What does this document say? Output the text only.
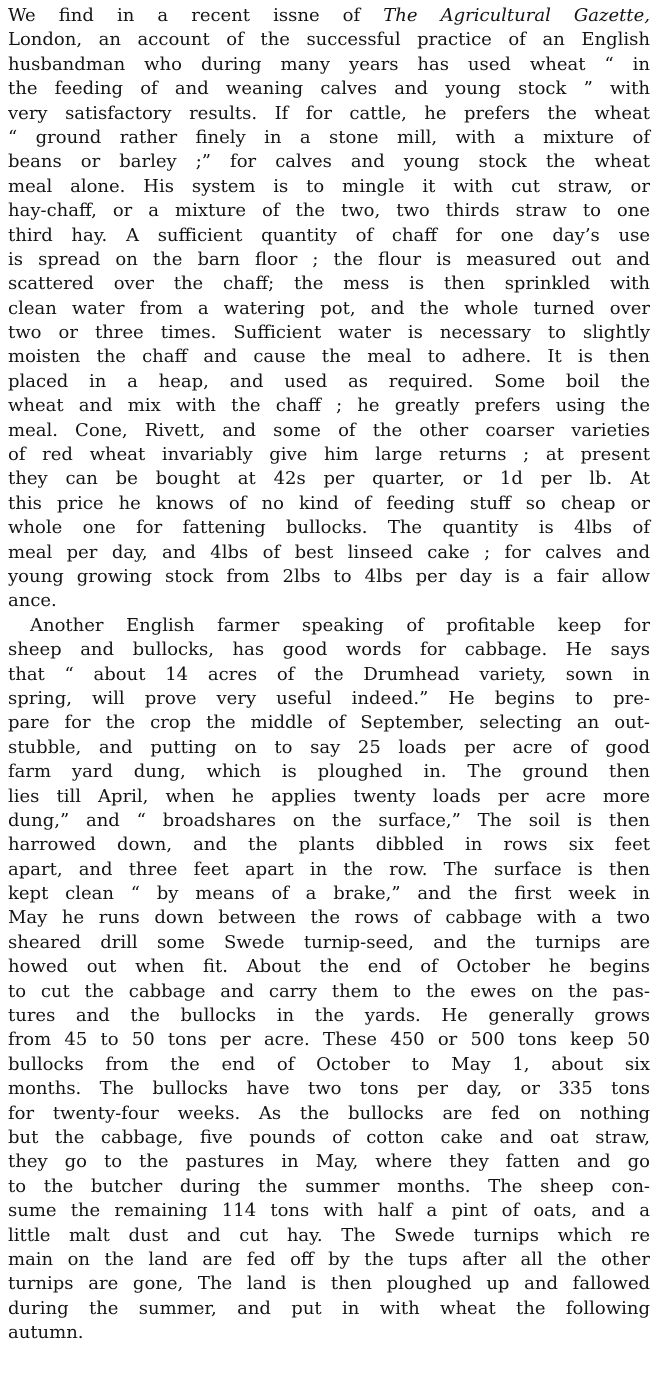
We find in a recent issne of The Agricultural Gazette,
London, an account of the successful practice of an English
husbandman who during many years has used wheat “ in
the feeding of and weaning calves and young stock ” with
very satisfactory results. If for cattle, he prefers the wheat
“ ground rather finely in a stone mill, with a mixture of
beans or barley ;” for calves and young stock the wheat
meal alone. His system is to mingle it with cut straw, or
hay-chaff, or a mixture of the two, two thirds straw to one
third hay. A sufficient quantity of chaff for one day’s use
is spread on the barn floor ; the flour is measured out and
scattered over the chaff; the mess is then sprinkled with
clean water from a watering pot, and the whole turned over
two or three times. Sufficient water is necessary to slightly
moisten the chaff and cause the meal to adhere. It is then
placed in a heap, and used as required. Some boil the
wheat and mix with the chaff ; he greatly prefers using the
meal. Cone, Rivett, and some of the other coarser varieties
of red wheat invariably give him large returns ; at present
they can be bought at 42s per quarter, or 1d per lb. At
this price he knows of no kind of feeding stuff so cheap or
whole one for fattening bullocks. The quantity is 4lbs of
meal per day, and 4lbs of best linseed cake ; for calves and
young growing stock from 2lbs to 4lbs per day is a fair allow
ance.
Another English farmer speaking of profitable keep for
sheep and bullocks, has good words for cabbage. He says
that “ about 14 acres of the Drumhead variety, sown in
spring, will prove very useful indeed.” He begins to pre-
pare for the crop the middle of September, selecting an out-
stubble, and putting on to say 25 loads per acre of good
farm yard dung, which is ploughed in. The ground then
lies till April, when he applies twenty loads per acre more
dung,” and “ broadshares on the surface,” The soil is then
harrowed down, and the plants dibbled in rows six feet
apart, and three feet apart in the row. The surface is then
kept clean “ by means of a brake,” and the first week in
May he runs down between the rows of cabbage with a two
sheared drill some Swede turnip-seed, and the turnips are
howed out when fit. About the end of October he begins
to cut the cabbage and carry them to the ewes on the pas-
tures and the bullocks in the yards. He generally grows
from 45 to 50 tons per acre. These 450 or 500 tons keep 50
bullocks from the end of October to May 1, about six
months. The bullocks have two tons per day, or 335 tons
for twenty-four weeks. As the bullocks are fed on nothing
but the cabbage, five pounds of cotton cake and oat straw,
they go to the pastures in May, where they fatten and go
to the butcher during the summer months. The sheep con-
sume the remaining 114 tons with half a pint of oats, and a
little malt dust and cut hay. The Swede turnips which re
main on the land are fed off by the tups after all the other
turnips are gone, The land is then ploughed up and fallowed
during the summer, and put in with wheat the following
autumn.
